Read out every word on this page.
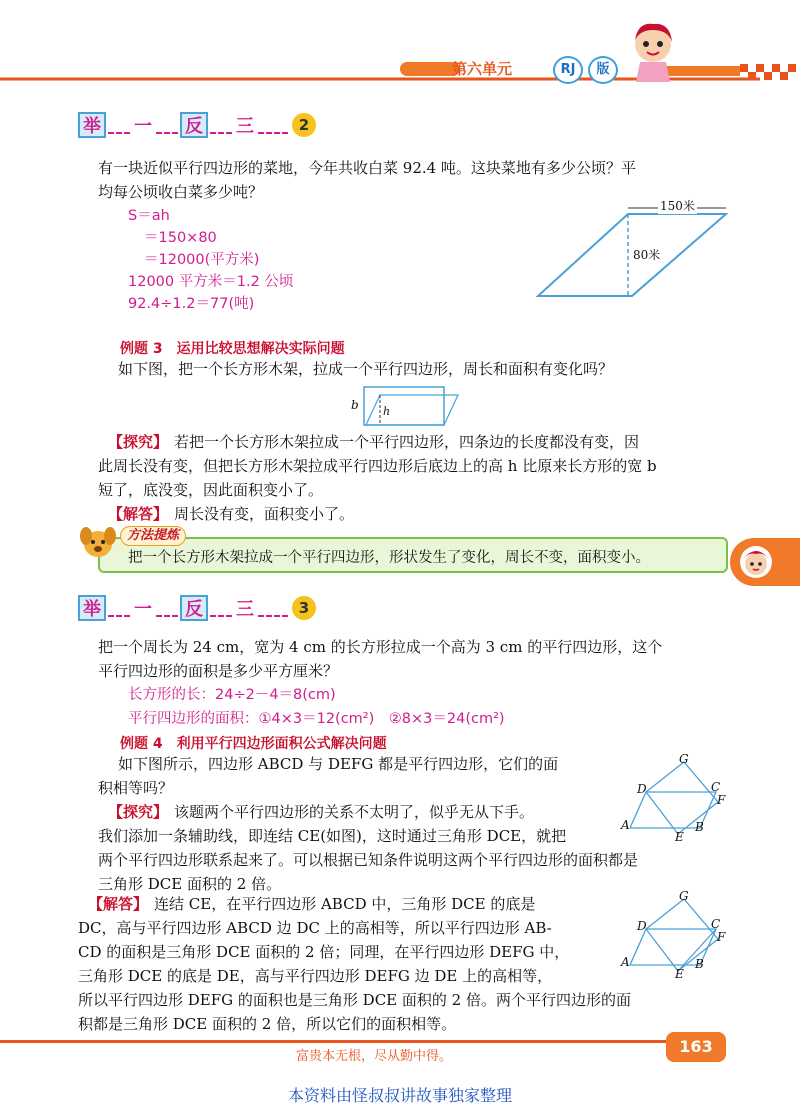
第六单元	RJ	版
举 一 反 三	2
有一块近似平行四边形的菜地，今年共收白菜 92.4 吨。这块菜地有多少公顷？平
均每公顷收白菜多少吨？
S＝ah
＝150×80
＝12000(平方米)
12000 平方米＝1.2 公顷
92.4÷1.2＝77(吨)
150米
80米
例题 3　运用比较思想解决实际问题
如下图，把一个长方形木架，拉成一个平行四边形，周长和面积有变化吗？
b h
【探究】 若把一个长方形木架拉成一个平行四边形，四条边的长度都没有变，因
此周长没有变，但把长方形木架拉成平行四边形后底边上的高 h 比原来长方形的宽 b
短了，底没变，因此面积变小了。
【解答】 周长没有变，面积变小了。
方法提炼
把一个长方形木架拉成一个平行四边形，形状发生了变化，周长不变，面积变小。
举 一 反 三	3
把一个周长为 24 cm，宽为 4 cm 的长方形拉成一个高为 3 cm 的平行四边形，这个
平行四边形的面积是多少平方厘米？
长方形的长：24÷2－4＝8(cm)
平行四边形的面积：①4×3＝12(cm²)　②8×3＝24(cm²)
例题 4　利用平行四边形面积公式解决问题
如下图所示，四边形 ABCD 与 DEFG 都是平行四边形，它们的面
积相等吗？
【探究】 该题两个平行四边形的关系不太明了，似乎无从下手。
我们添加一条辅助线，即连结 CE(如图)，这时通过三角形 DCE，就把
两个平行四边形联系起来了。可以根据已知条件说明这两个平行四边形的面积都是
三角形 DCE 面积的 2 倍。
G
D	C
F
A	B
E
【解答】 连结 CE，在平行四边形 ABCD 中，三角形 DCE 的底是
DC，高与平行四边形 ABCD 边 DC 上的高相等，所以平行四边形 AB-
CD 的面积是三角形 DCE 面积的 2 倍；同理，在平行四边形 DEFG 中，
三角形 DCE 的底是 DE，高与平行四边形 DEFG 边 DE 上的高相等，
所以平行四边形 DEFG 的面积也是三角形 DCE 面积的 2 倍。两个平行四边形的面
积都是三角形 DCE 面积的 2 倍，所以它们的面积相等。
G
D	C
F
A	B
E
富贵本无根，尽从勤中得。
163
本资料由怪叔叔讲故事独家整理
